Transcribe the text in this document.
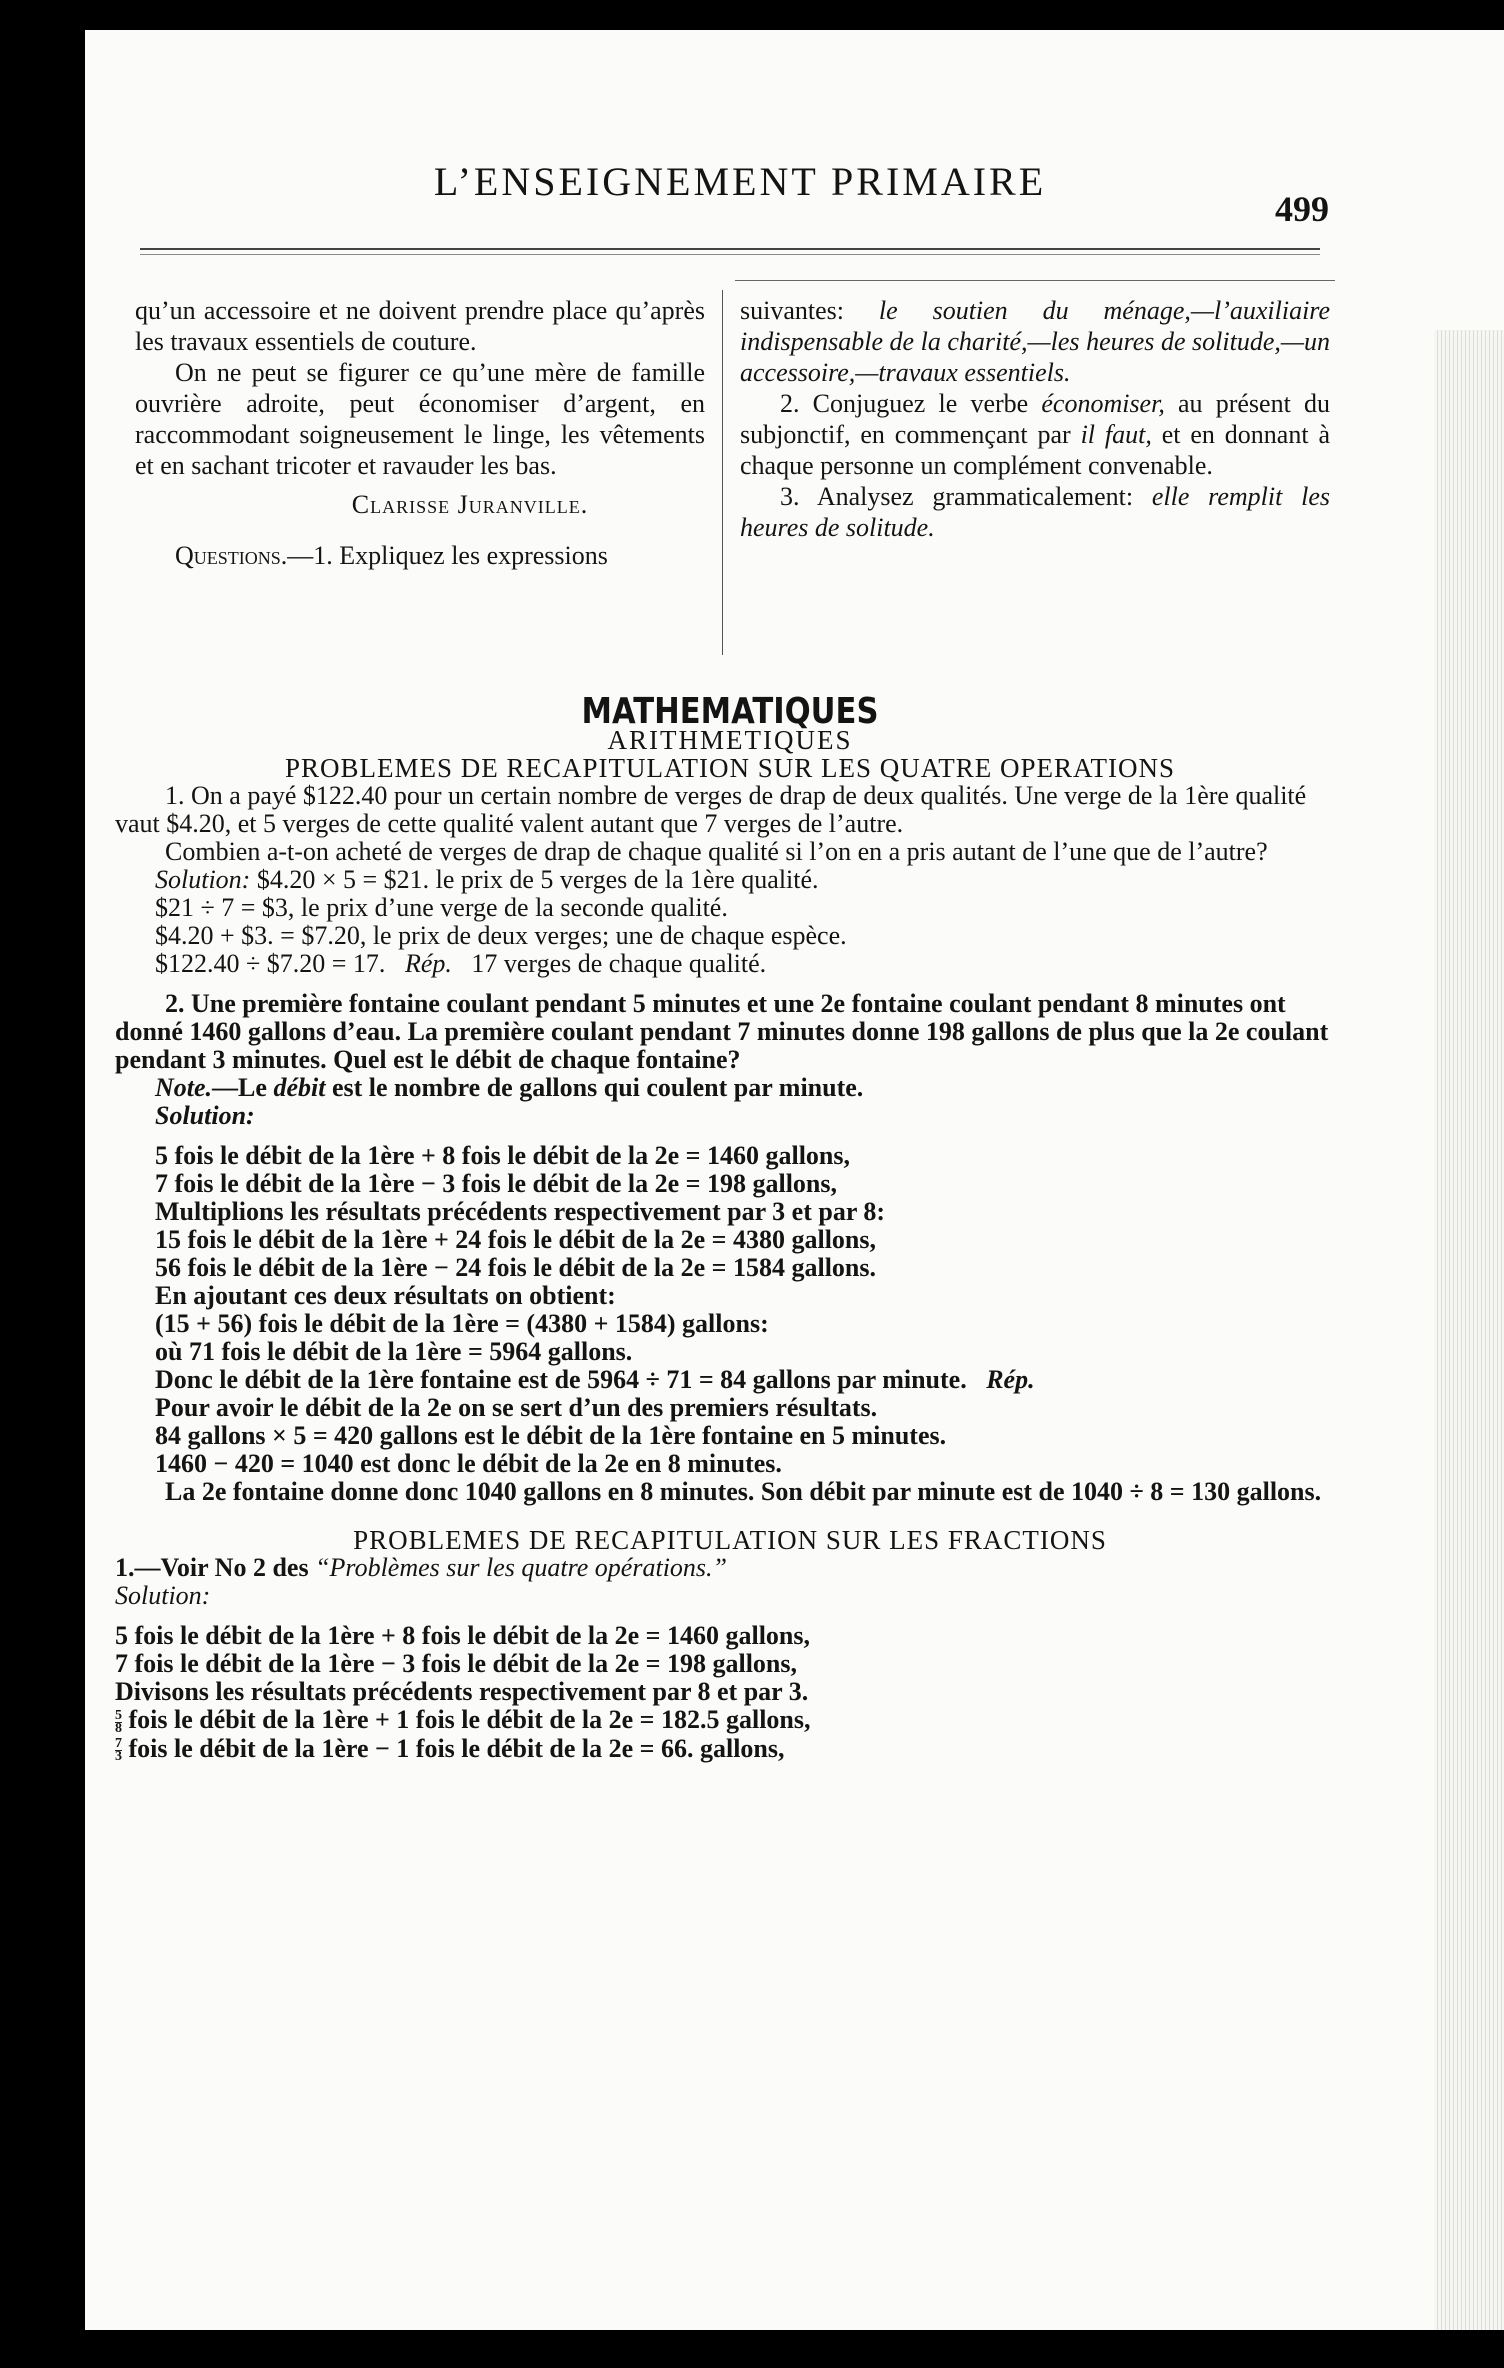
L’ENSEIGNEMENT PRIMAIRE
499

qu’un accessoire et ne doivent prendre place qu’après les travaux essentiels de couture.

On ne peut se figurer ce qu’une mère de famille ouvrière adroite, peut économiser d’argent, en raccommodant soigneusement le linge, les vêtements et en sachant tricoter et ravauder les bas.

Clarisse Juranville.

Questions.—1. Expliquez les expressions

suivantes: le soutien du ménage,—l’auxiliaire indispensable de la charité,—les heures de solitude,—un accessoire,—travaux essentiels.

2. Conjuguez le verbe économiser, au présent du subjonctif, en commençant par il faut, et en donnant à chaque personne un complément convenable.

3. Analysez grammaticalement: elle remplit les heures de solitude.

MATHEMATIQUES

ARITHMETIQUES

PROBLEMES DE RECAPITULATION SUR LES QUATRE OPERATIONS

1. On a payé $122.40 pour un certain nombre de verges de drap de deux qualités. Une verge de la 1ère qualité vaut $4.20, et 5 verges de cette qualité valent autant que 7 verges de l’autre.

Combien a-t-on acheté de verges de drap de chaque qualité si l’on en a pris autant de l’une que de l’autre?

Solution: $4.20 × 5 = $21. le prix de 5 verges de la 1ère qualité.

$21 ÷ 7 = $3, le prix d’une verge de la seconde qualité.

$4.20 + $3. = $7.20, le prix de deux verges; une de chaque espèce.

$122.40 ÷ $7.20 = 17. Rép. 17 verges de chaque qualité.

2. Une première fontaine coulant pendant 5 minutes et une 2e fontaine coulant pendant 8 minutes ont donné 1460 gallons d’eau. La première coulant pendant 7 minutes donne 198 gallons de plus que la 2e coulant pendant 3 minutes. Quel est le débit de chaque fontaine?

Note.—Le débit est le nombre de gallons qui coulent par minute.

Solution:

5 fois le débit de la 1ère + 8 fois le débit de la 2e = 1460 gallons,

7 fois le débit de la 1ère − 3 fois le débit de la 2e = 198 gallons,

Multiplions les résultats précédents respectivement par 3 et par 8:

15 fois le débit de la 1ère + 24 fois le débit de la 2e = 4380 gallons,

56 fois le débit de la 1ère − 24 fois le débit de la 2e = 1584 gallons.

En ajoutant ces deux résultats on obtient:

(15 + 56) fois le débit de la 1ère = (4380 + 1584) gallons:

où 71 fois le débit de la 1ère = 5964 gallons.

Donc le débit de la 1ère fontaine est de 5964 ÷ 71 = 84 gallons par minute. Rép.

Pour avoir le débit de la 2e on se sert d’un des premiers résultats.

84 gallons × 5 = 420 gallons est le débit de la 1ère fontaine en 5 minutes.

1460 − 420 = 1040 est donc le débit de la 2e en 8 minutes.

La 2e fontaine donne donc 1040 gallons en 8 minutes. Son débit par minute est de 1040 ÷ 8 = 130 gallons.

PROBLEMES DE RECAPITULATION SUR LES FRACTIONS

1.—Voir No 2 des “Problèmes sur les quatre opérations.”

Solution:

5 fois le débit de la 1ère + 8 fois le débit de la 2e = 1460 gallons,

7 fois le débit de la 1ère − 3 fois le débit de la 2e = 198 gallons,

Divisons les résultats précédents respectivement par 8 et par 3.

$\frac{5}{8}$ fois le débit de la 1ère + 1 fois le débit de la 2e = 182.5 gallons,

$\frac{7}{3}$ fois le débit de la 1ère − 1 fois le débit de la 2e = 66. gallons,
